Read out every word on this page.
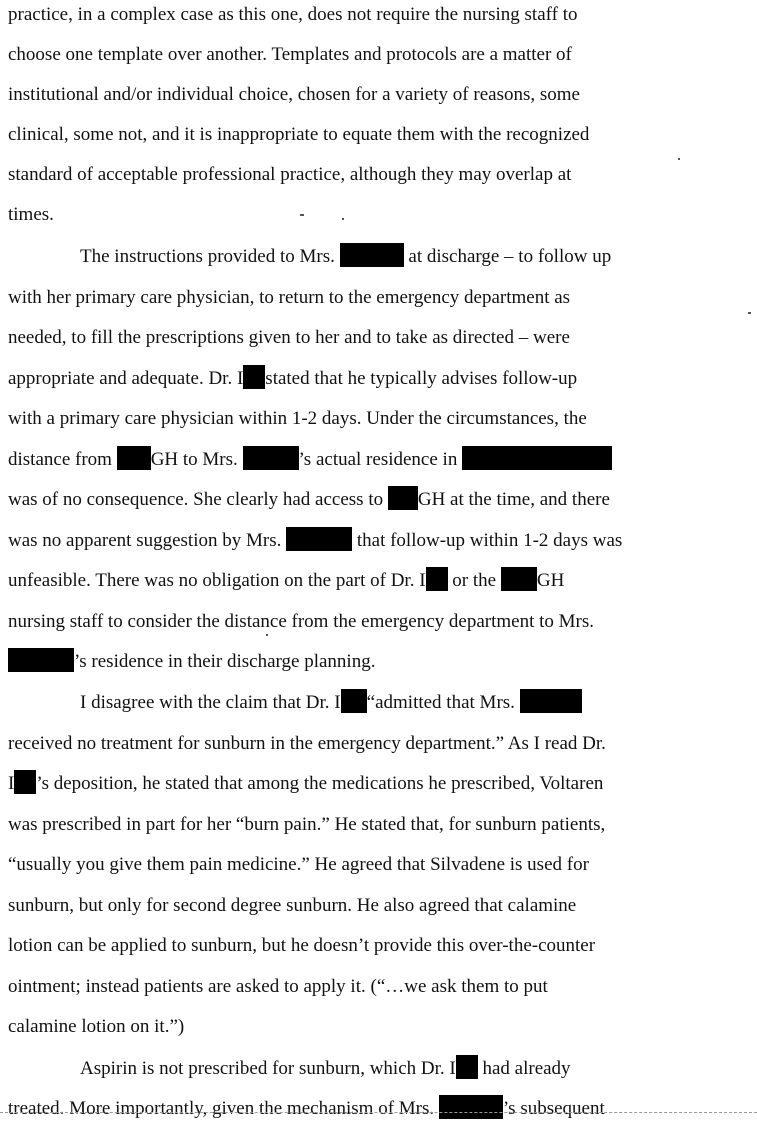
practice, in a complex case as this one, does not require the nursing staff to
choose one template over another. Templates and protocols are a matter of
institutional and/or individual choice, chosen for a variety of reasons, some
clinical, some not, and it is inappropriate to equate them with the recognized
standard of acceptable professional practice, although they may overlap at
times.
The instructions provided to Mrs.	at discharge – to follow up
with her primary care physician, to return to the emergency department as
needed, to fill the prescriptions given to her and to take as directed – were
appropriate and adequate. Dr. I stated that he typically advises follow-up
with a primary care physician within 1-2 days. Under the circumstances, the
distance from GH to Mrs.	’s actual residence in
was of no consequence. She clearly had access to GH at the time, and there
was no apparent suggestion by Mrs.	that follow-up within 1-2 days was
unfeasible. There was no obligation on the part of Dr. I or the GH
nursing staff to consider the distance from the emergency department to Mrs.
’s residence in their discharge planning.
I disagree with the claim that Dr. I “admitted that Mrs.
received no treatment for sunburn in the emergency department.” As I read Dr.
I ’s deposition, he stated that among the medications he prescribed, Voltaren
was prescribed in part for her “burn pain.” He stated that, for sunburn patients,
“usually you give them pain medicine.” He agreed that Silvadene is used for
sunburn, but only for second degree sunburn. He also agreed that calamine
lotion can be applied to sunburn, but he doesn’t provide this over-the-counter
ointment; instead patients are asked to apply it. (“…we ask them to put
calamine lotion on it.”)
Aspirin is not prescribed for sunburn, which Dr. I had already
treated. More importantly, given the mechanism of Mrs.	’s subsequent
